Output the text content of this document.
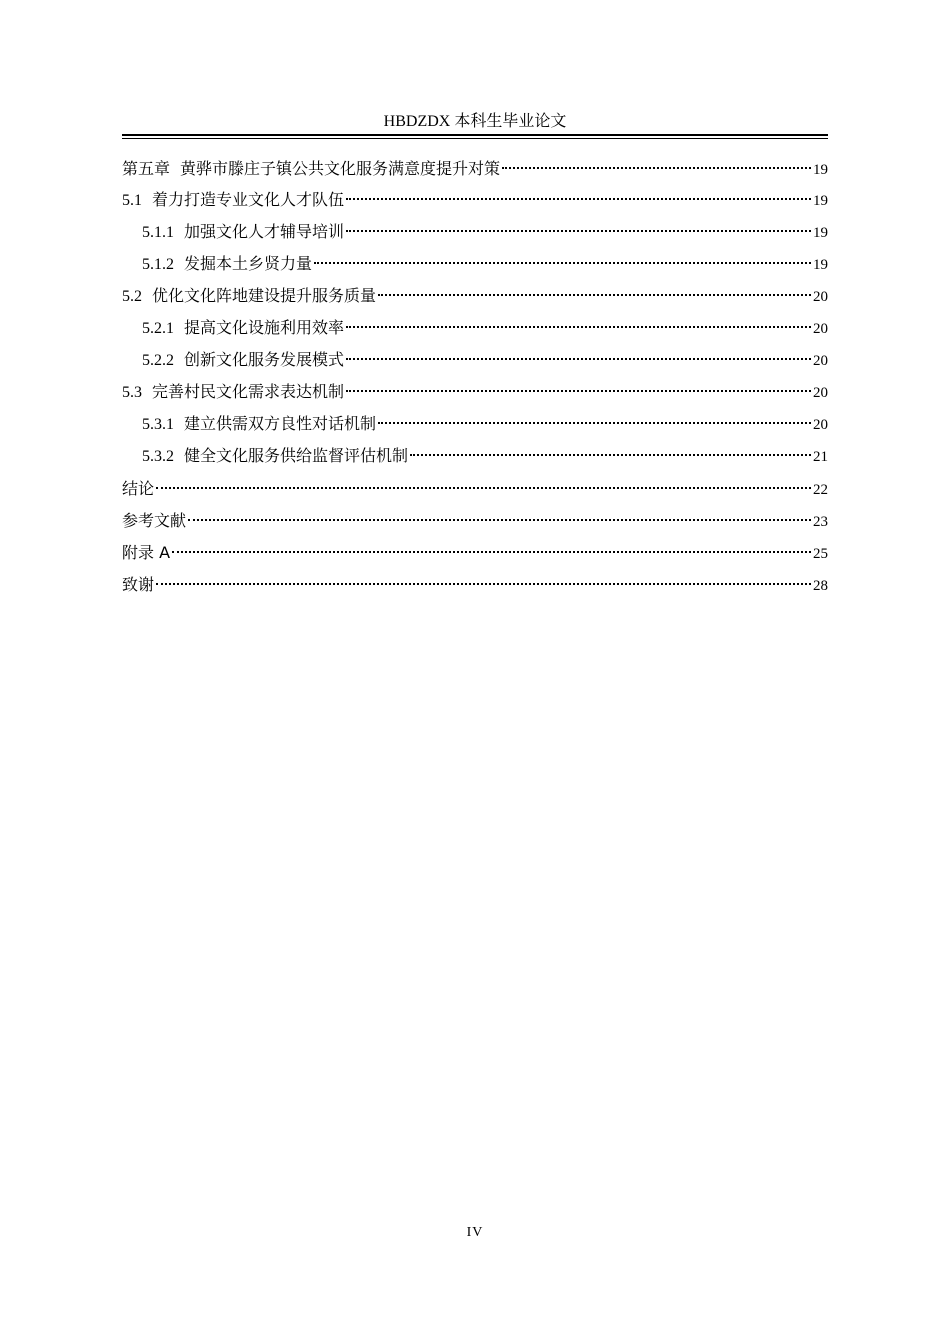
HBDZDX 本科生毕业论文
第五章 黄骅市滕庄子镇公共文化服务满意度提升对策	19
5.1 着力打造专业文化人才队伍	19
5.1.1 加强文化人才辅导培训	19
5.1.2 发掘本土乡贤力量	19
5.2 优化文化阵地建设提升服务质量	20
5.2.1 提高文化设施利用效率	20
5.2.2 创新文化服务发展模式	20
5.3 完善村民文化需求表达机制	20
5.3.1 建立供需双方良性对话机制	20
5.3.2 健全文化服务供给监督评估机制	21
结论	22
参考文献	23
附录 A	25
致谢	28
IV
